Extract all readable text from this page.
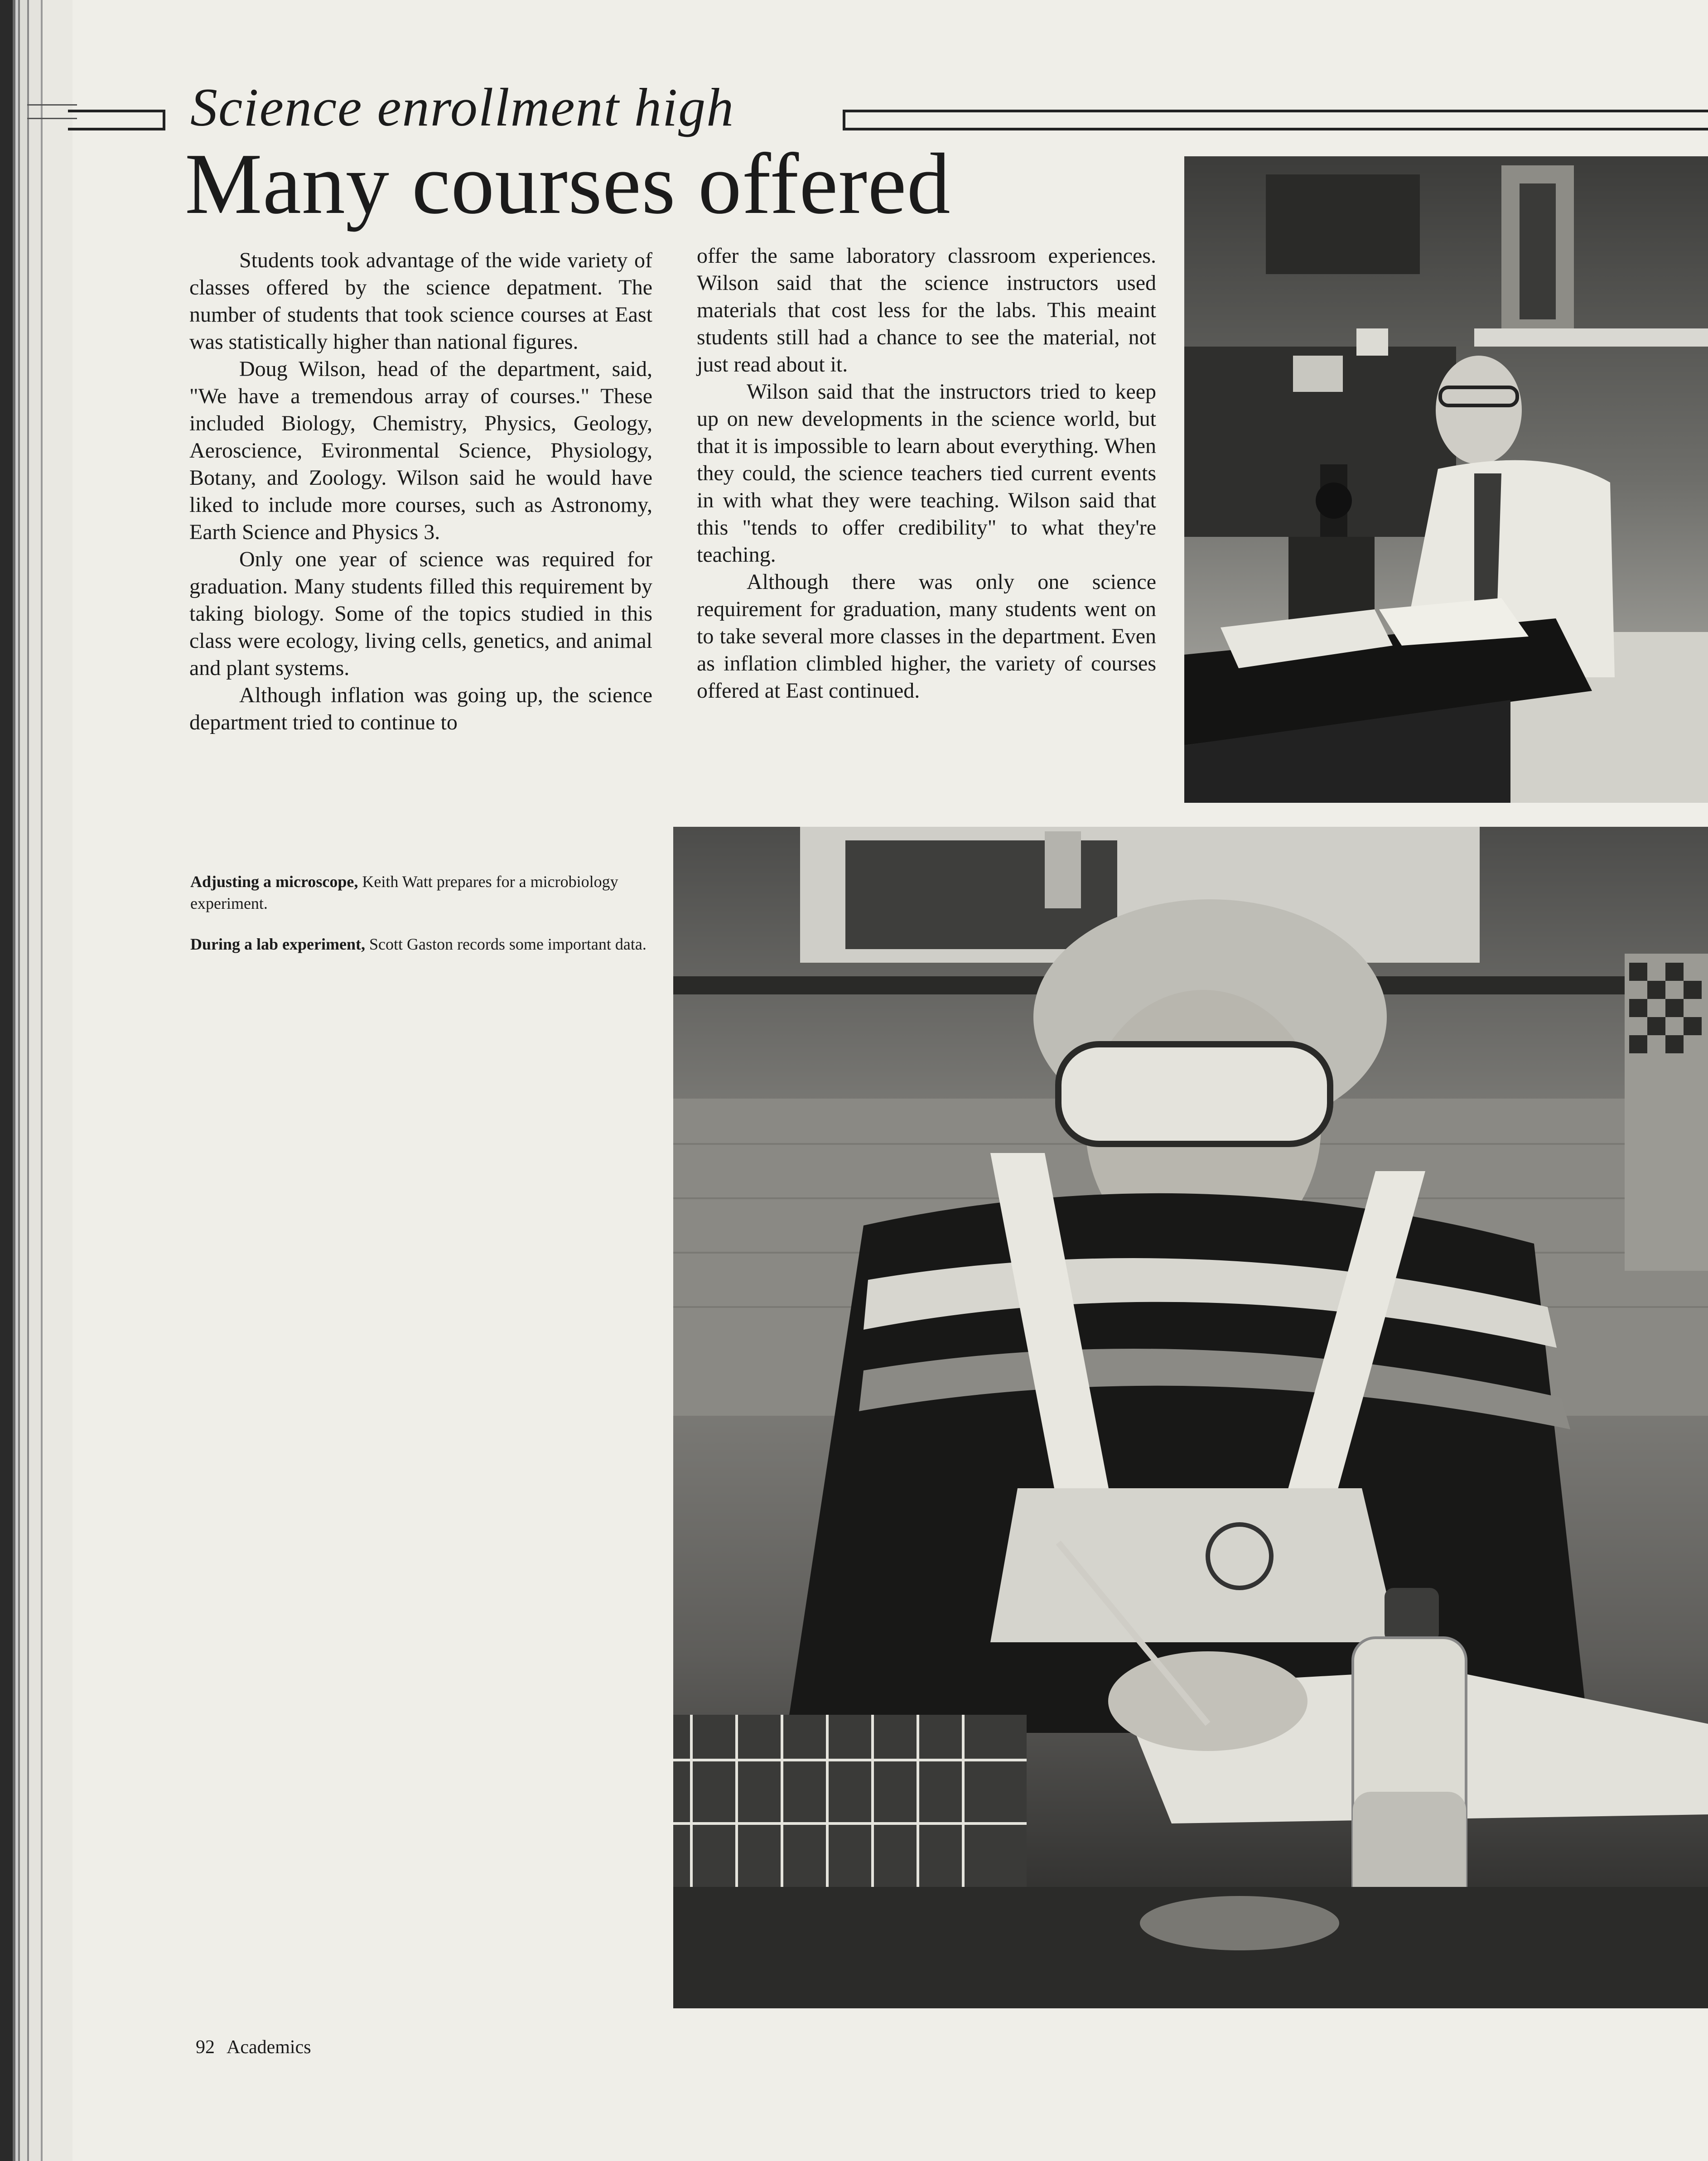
Science enrollment high
Many courses offered

Students took advantage of the wide variety of classes offered by the science depatment. The number of students that took science courses at East was statistically higher than national figures.

Doug Wilson, head of the department, said, "We have a tremendous array of courses." These included Biology, Chemistry, Physics, Geology, Aeroscience, Evironmental Science, Physiology, Botany, and Zoology. Wilson said he would have liked to include more courses, such as Astronomy, Earth Science and Physics 3.

Only one year of science was required for graduation. Many students filled this requirement by taking biology. Some of the topics studied in this class were ecology, living cells, genetics, and animal and plant systems.

Although inflation was going up, the science department tried to continue to

offer the same laboratory classroom experiences. Wilson said that the science instructors used materials that cost less for the labs. This meaint students still had a chance to see the material, not just read about it.

Wilson said that the instructors tried to keep up on new developments in the science world, but that it is impossible to learn about everything. When they could, the science teachers tied current events in with what they were teaching. Wilson said that this "tends to offer credibility" to what they're teaching.

Although there was only one science requirement for graduation, many students went on to take several more classes in the department. Even as inflation climbled higher, the variety of courses offered at East continued.

Adjusting a microscope, Keith Watt prepares for a microbiology experiment.

During a lab experiment, Scott Gaston records some important data.

92 Academics
